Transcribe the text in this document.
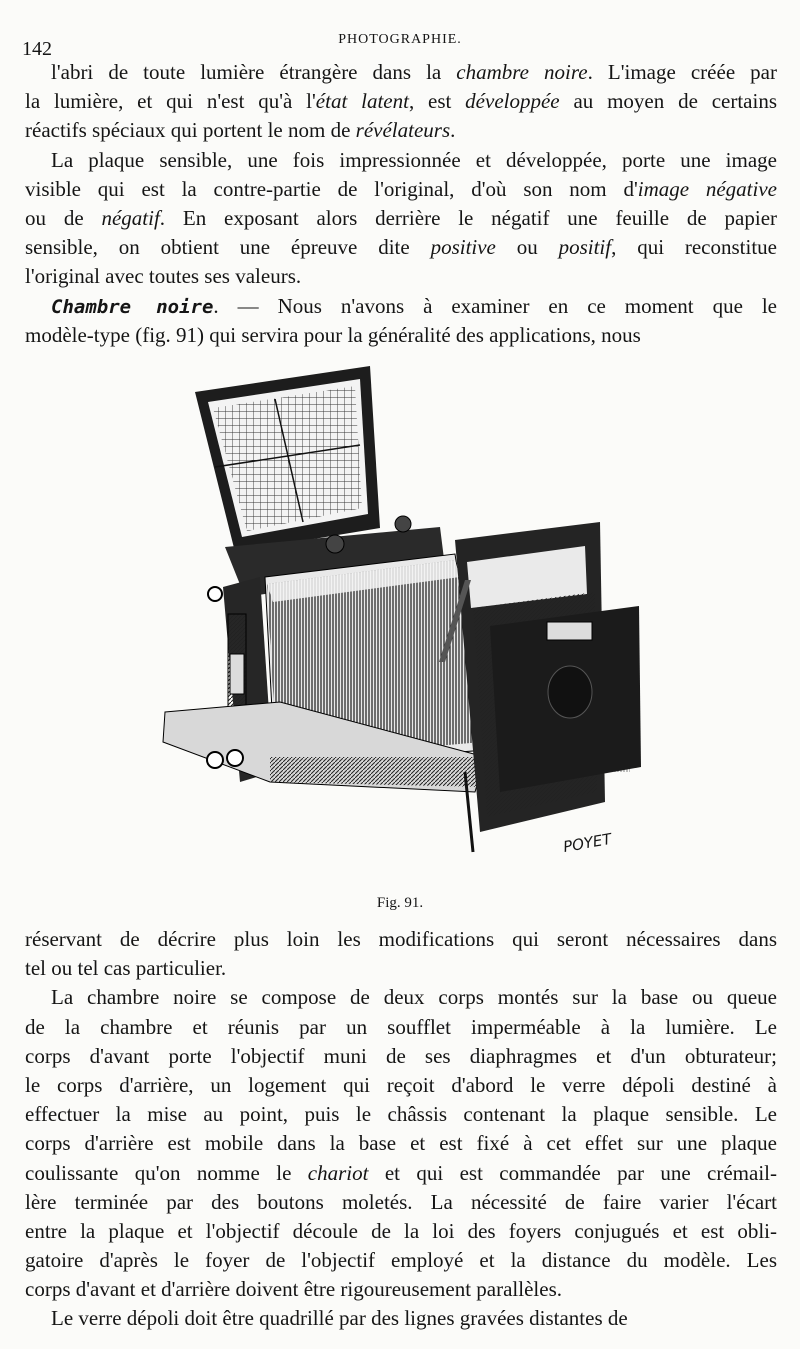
142	PHOTOGRAPHIE.
l'abri de toute lumière étrangère dans la chambre noire. L'image créée par
la lumière, et qui n'est qu'à l'état latent, est développée au moyen de certains
réactifs spéciaux qui portent le nom de révélateurs.
La plaque sensible, une fois impressionnée et développée, porte une image
visible qui est la contre-partie de l'original, d'où son nom d'image négative
ou de négatif. En exposant alors derrière le négatif une feuille de papier
sensible, on obtient une épreuve dite positive ou positif, qui reconstitue
l'original avec toutes ses valeurs.
Chambre noire. — Nous n'avons à examiner en ce moment que le
modèle-type (fig. 91) qui servira pour la généralité des applications, nous
POYET
Fig. 91.
réservant de décrire plus loin les modifications qui seront nécessaires dans
tel ou tel cas particulier.
La chambre noire se compose de deux corps montés sur la base ou queue
de la chambre et réunis par un soufflet imperméable à la lumière. Le
corps d'avant porte l'objectif muni de ses diaphragmes et d'un obturateur;
le corps d'arrière, un logement qui reçoit d'abord le verre dépoli destiné à
effectuer la mise au point, puis le châssis contenant la plaque sensible. Le
corps d'arrière est mobile dans la base et est fixé à cet effet sur une plaque
coulissante qu'on nomme le chariot et qui est commandée par une crémail-
lère terminée par des boutons moletés. La nécessité de faire varier l'écart
entre la plaque et l'objectif découle de la loi des foyers conjugués et est obli-
gatoire d'après le foyer de l'objectif employé et la distance du modèle. Les
corps d'avant et d'arrière doivent être rigoureusement parallèles.
Le verre dépoli doit être quadrillé par des lignes gravées distantes de
